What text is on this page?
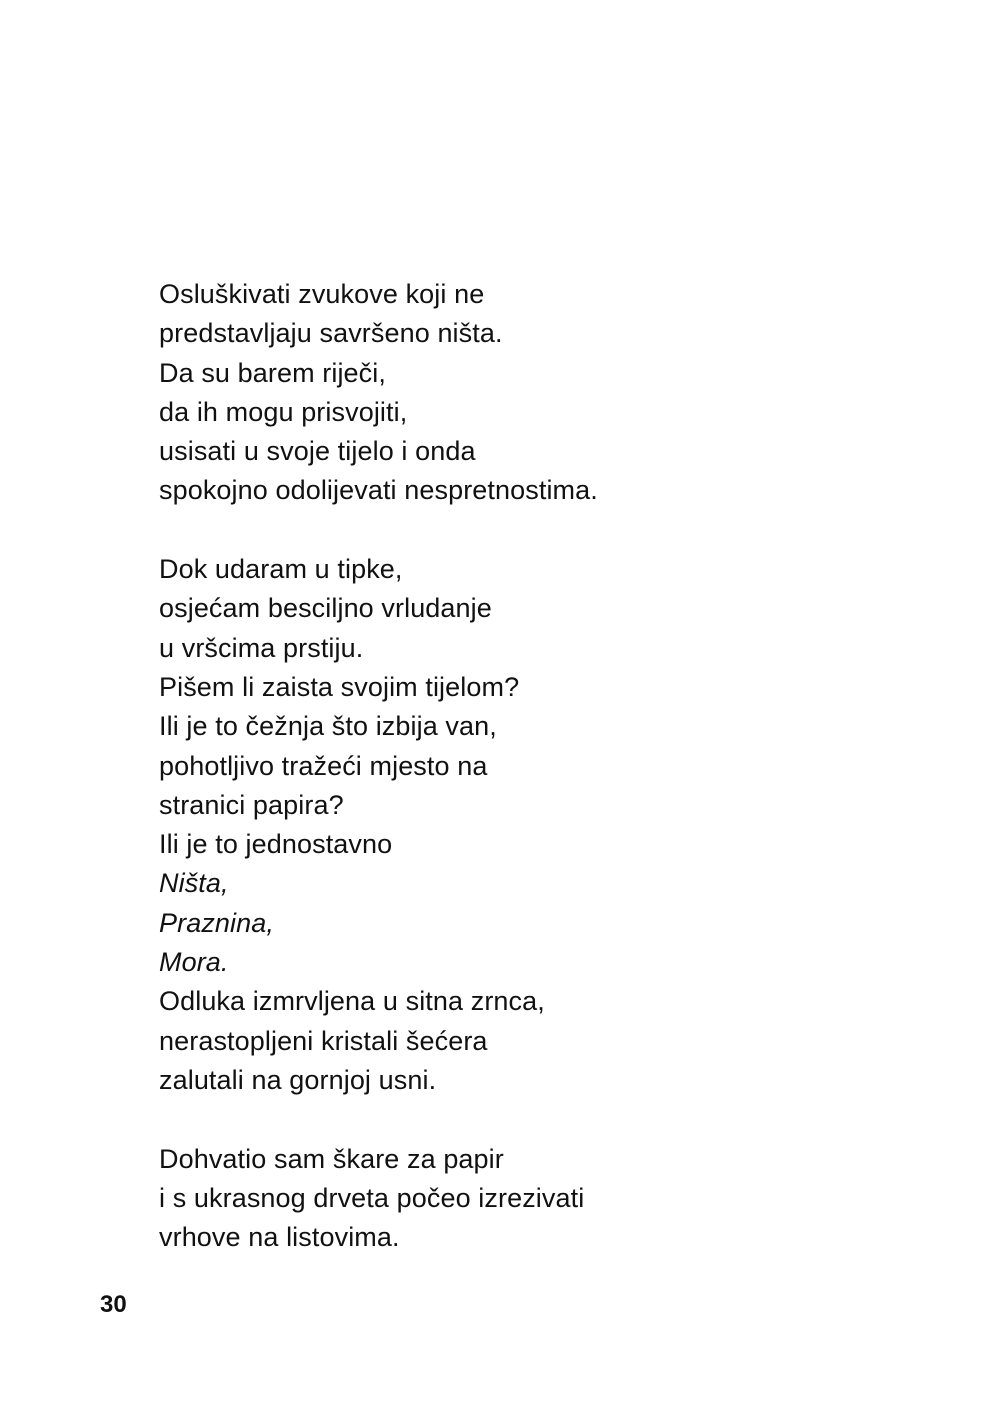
Osluškivati zvukove koji ne
predstavljaju savršeno ništa.
Da su barem riječi,
da ih mogu prisvojiti,
usisati u svoje tijelo i onda
spokojno odolijevati nespretnostima.
Dok udaram u tipke,
osjećam besciljno vrludanje
u vršcima prstiju.
Pišem li zaista svojim tijelom?
Ili je to čežnja što izbija van,
pohotljivo tražeći mjesto na
stranici papira?
Ili je to jednostavno
Ništa,
Praznina,
Mora.
Odluka izmrvljena u sitna zrnca,
nerastopljeni kristali šećera
zalutali na gornjoj usni.
Dohvatio sam škare za papir
i s ukrasnog drveta počeo izrezivati
vrhove na listovima.
30
